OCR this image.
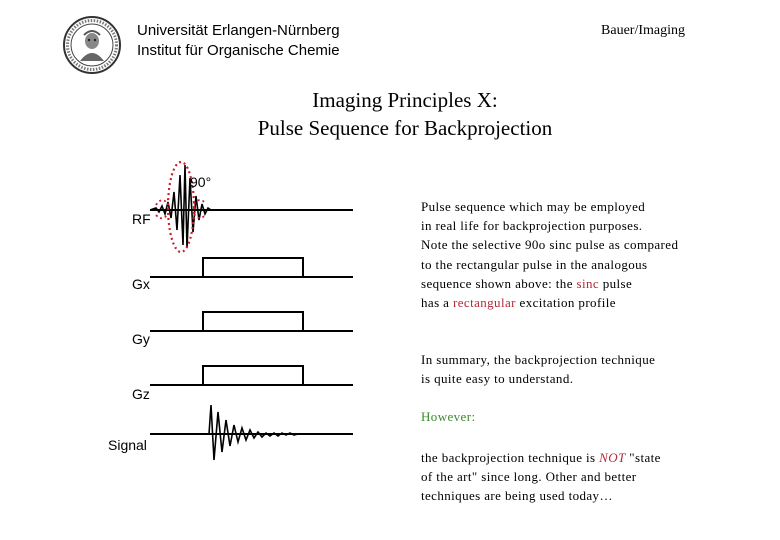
Universität Erlangen-Nürnberg
Institut für Organische Chemie
Bauer/Imaging
Imaging Principles X:
Pulse Sequence for Backprojection
90°
RF
Gx
Gy
Gz
Signal
Pulse sequence which may be employed
in real life for backprojection purposes.
Note the selective 90o sinc pulse as compared
to the rectangular pulse in the analogous
sequence shown above: the sinc pulse
has a rectangular excitation profile
In summary, the backprojection technique
is quite easy to understand.
However:
the backprojection technique is NOT "state
of the art" since long. Other and better
techniques are being used today…
